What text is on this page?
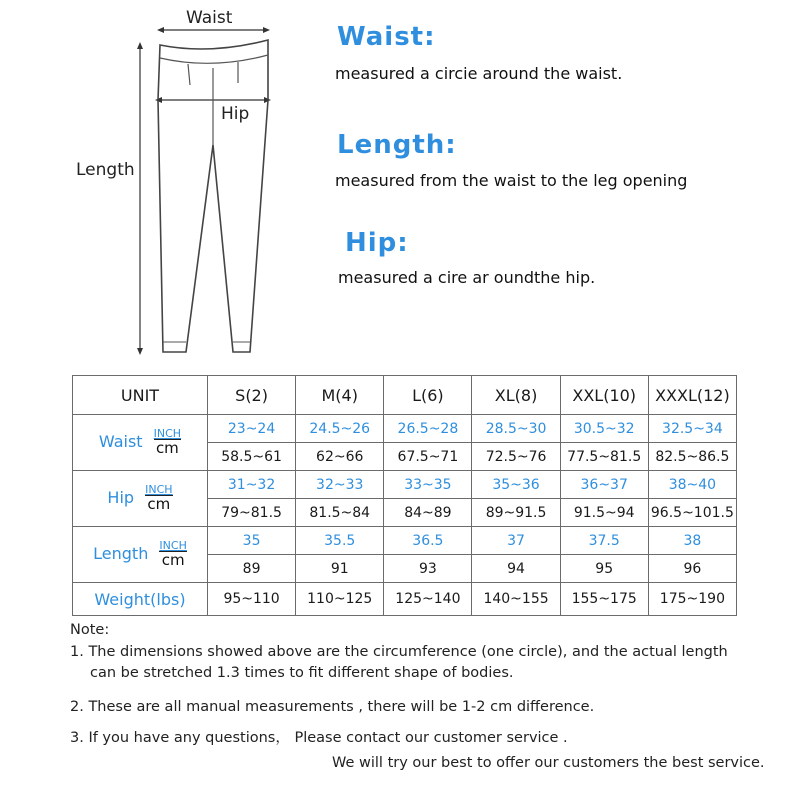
Waist
Hip
Length
Waist:
measured a circie around the waist.
Length:
measured from the waist to the leg opening
Hip:
measured a cire ar oundthe hip.
UNIT	S(2)	M(4)	L(6)	XL(8)	XXL(10)	XXXL(12)
Waist INCH
cm	23~24	24.5~26	26.5~28	28.5~30	30.5~32	32.5~34
	58.5~61	62~66	67.5~71	72.5~76	77.5~81.5	82.5~86.5
Hip INCH
cm	31~32	32~33	33~35	35~36	36~37	38~40
	79~81.5	81.5~84	84~89	89~91.5	91.5~94	96.5~101.5
Length INCH
cm	35	35.5	36.5	37	37.5	38
	89	91	93	94	95	96
Weight(lbs)	95~110	110~125	125~140	140~155	155~175	175~190
Note:
1. The dimensions showed above are the circumference (one circle), and the actual length
can be stretched 1.3 times to fit different shape of bodies.
2. These are all manual measurements , there will be 1-2 cm difference.
3. If you have any questions， Please contact our customer service .
We will try our best to offer our customers the best service.
